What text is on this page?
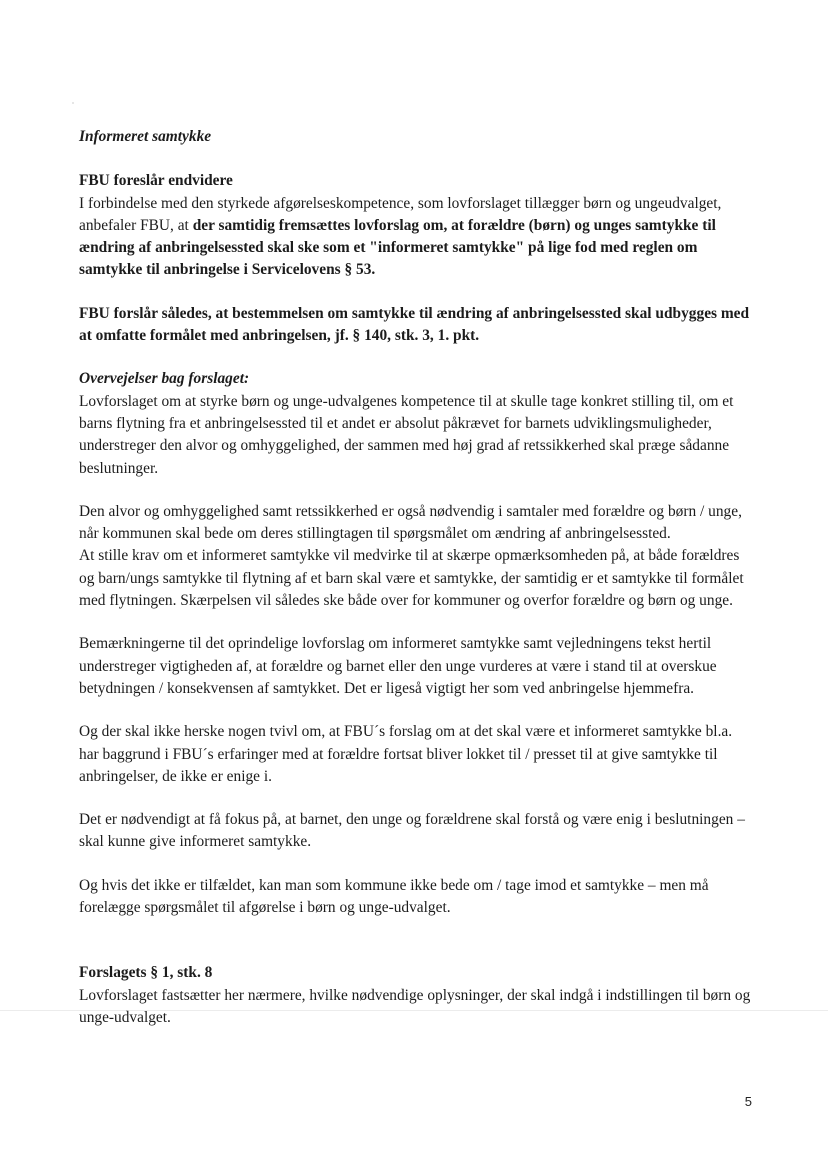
Informeret samtykke
FBU foreslår endvidere

I forbindelse med den styrkede afgørelseskompetence, som lovforslaget tillægger børn og ungeudvalget, anbefaler FBU, at der samtidig fremsættes lovforslag om, at forældre (børn) og unges samtykke til ændring af anbringelsessted skal ske som et "informeret samtykke" på lige fod med reglen om samtykke til anbringelse i Servicelovens § 53.

FBU forslår således, at bestemmelsen om samtykke til ændring af anbringelsessted skal udbygges med at omfatte formålet med anbringelsen, jf. § 140, stk. 3, 1. pkt.

Overvejelser bag forslaget:

Lovforslaget om at styrke børn og unge-udvalgenes kompetence til at skulle tage konkret stilling til, om et barns flytning fra et anbringelsessted til et andet er absolut påkrævet for barnets udviklingsmuligheder, understreger den alvor og omhyggelighed, der sammen med høj grad af retssikkerhed skal præge sådanne beslutninger.

Den alvor og omhyggelighed samt retssikkerhed er også nødvendig i samtaler med forældre og børn / unge, når kommunen skal bede om deres stillingtagen til spørgsmålet om ændring af anbringelsessted.

At stille krav om et informeret samtykke vil medvirke til at skærpe opmærksomheden på, at både forældres og barn/ungs samtykke til flytning af et barn skal være et samtykke, der samtidig er et samtykke til formålet med flytningen. Skærpelsen vil således ske både over for kommuner og overfor forældre og børn og unge.

Bemærkningerne til det oprindelige lovforslag om informeret samtykke samt vejledningens tekst hertil understreger vigtigheden af, at forældre og barnet eller den unge vurderes at være i stand til at overskue betydningen / konsekvensen af samtykket. Det er ligeså vigtigt her som ved anbringelse hjemmefra.

Og der skal ikke herske nogen tvivl om, at FBU´s forslag om at det skal være et informeret samtykke bl.a. har baggrund i FBU´s erfaringer med at forældre fortsat bliver lokket til / presset til at give samtykke til anbringelser, de ikke er enige i.

Det er nødvendigt at få fokus på, at barnet, den unge og forældrene skal forstå og være enig i beslutningen – skal kunne give informeret samtykke.

Og hvis det ikke er tilfældet, kan man som kommune ikke bede om / tage imod et samtykke – men må forelægge spørgsmålet til afgørelse i børn og unge-udvalget.

Forslagets § 1, stk. 8

Lovforslaget fastsætter her nærmere, hvilke nødvendige oplysninger, der skal indgå i indstillingen til børn og unge-udvalget.

5
